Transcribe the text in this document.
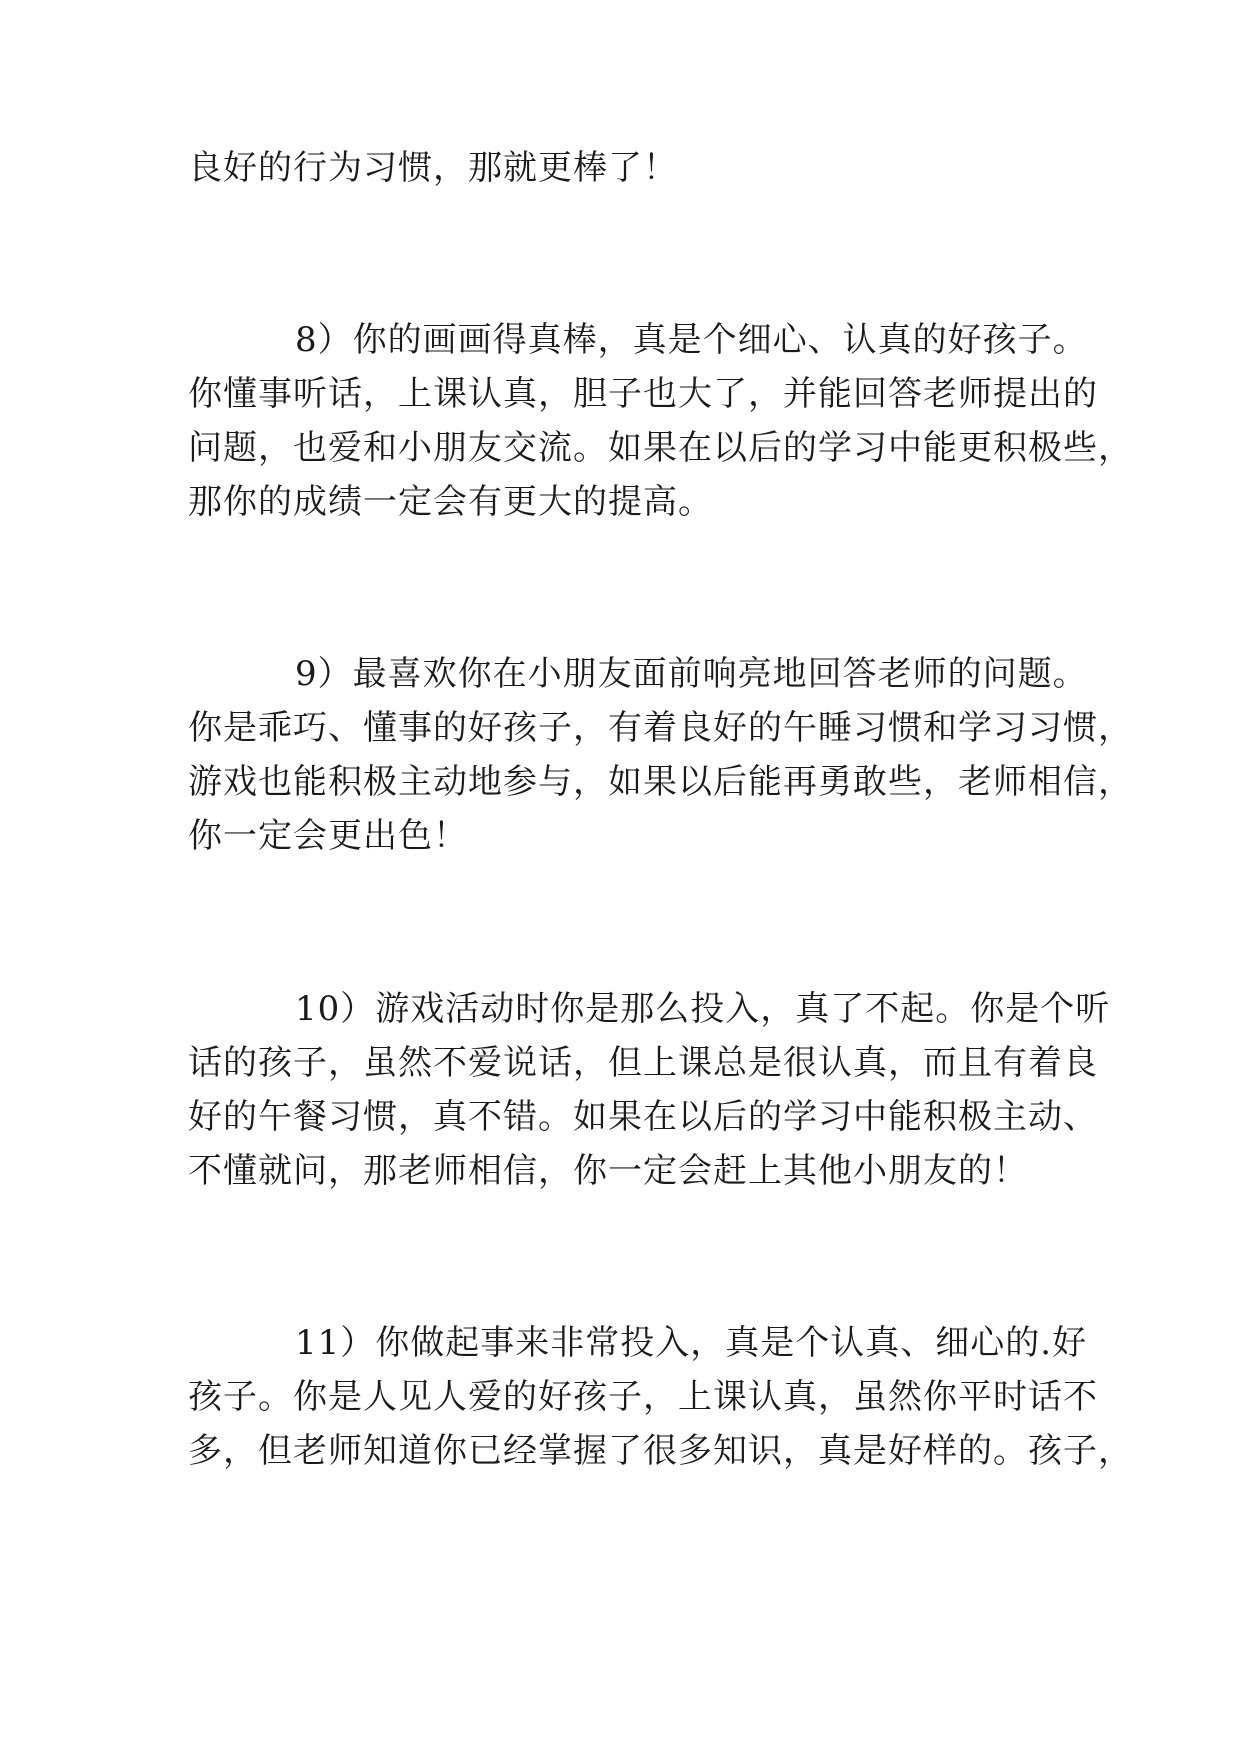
良好的行为习惯，那就更棒了！

8）你的画画得真棒，真是个细心、认真的好孩子。

你懂事听话，上课认真，胆子也大了，并能回答老师提出的

问题，也爱和小朋友交流。如果在以后的学习中能更积极些，

那你的成绩一定会有更大的提高。

9）最喜欢你在小朋友面前响亮地回答老师的问题。

你是乖巧、懂事的好孩子，有着良好的午睡习惯和学习习惯，

游戏也能积极主动地参与，如果以后能再勇敢些，老师相信，

你一定会更出色！

10）游戏活动时你是那么投入，真了不起。你是个听

话的孩子，虽然不爱说话，但上课总是很认真，而且有着良

好的午餐习惯，真不错。如果在以后的学习中能积极主动、

不懂就问，那老师相信，你一定会赶上其他小朋友的！

11）你做起事来非常投入，真是个认真、细心的.好

孩子。你是人见人爱的好孩子，上课认真，虽然你平时话不

多，但老师知道你已经掌握了很多知识，真是好样的。孩子，
